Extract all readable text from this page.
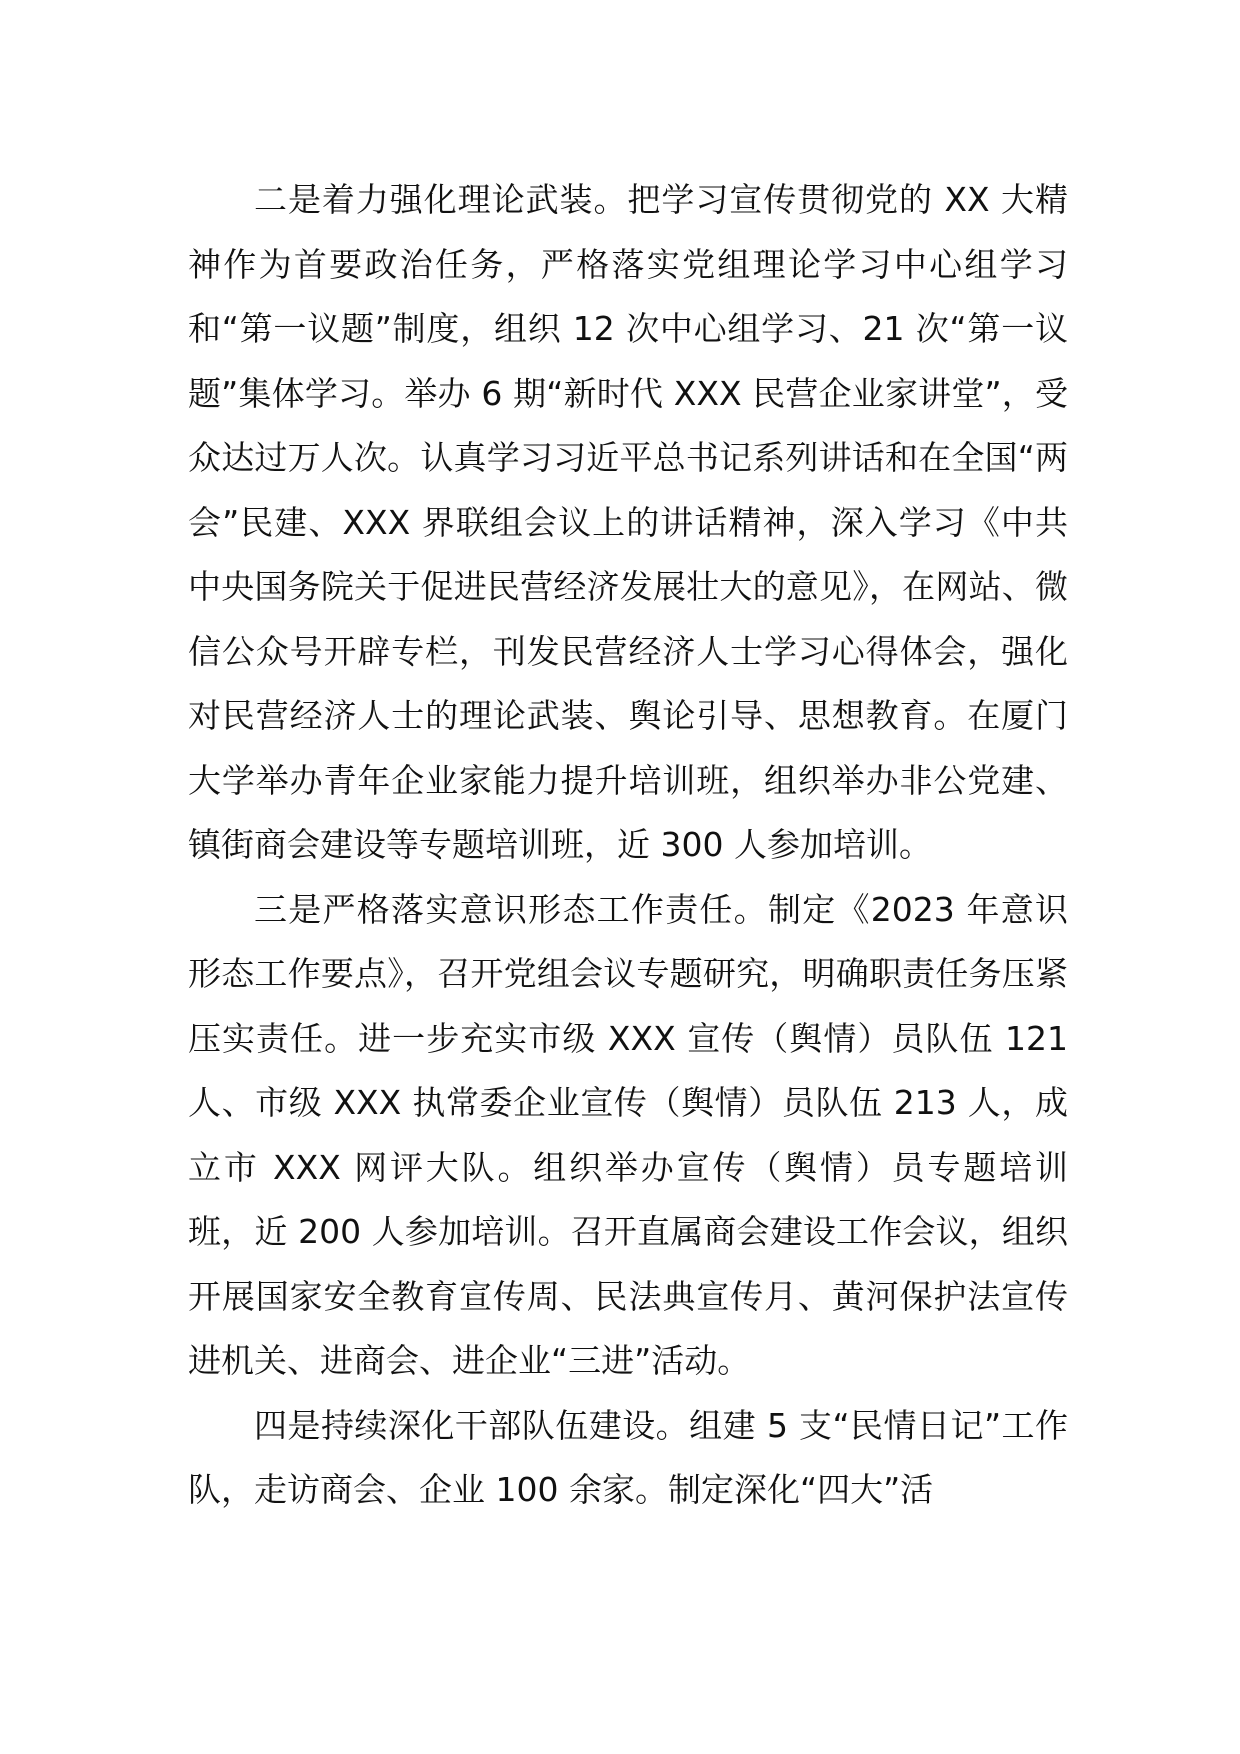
二是着力强化理论武装。把学习宣传贯彻党的 XX 大精神作为首要政治任务，严格落实党组理论学习中心组学习和“第一议题”制度，组织 12 次中心组学习、21 次“第一议题”集体学习。举办 6 期“新时代 XXX 民营企业家讲堂”，受众达过万人次。认真学习习近平总书记系列讲话和在全国“两会”民建、XXX 界联组会议上的讲话精神，深入学习《中共中央国务院关于促进民营经济发展壮大的意见》，在网站、微信公众号开辟专栏，刊发民营经济人士学习心得体会，强化对民营经济人士的理论武装、舆论引导、思想教育。在厦门大学举办青年企业家能力提升培训班，组织举办非公党建、镇街商会建设等专题培训班，近 300 人参加培训。

三是严格落实意识形态工作责任。制定《2023 年意识形态工作要点》，召开党组会议专题研究，明确职责任务压紧压实责任。进一步充实市级 XXX 宣传（舆情）员队伍 121 人、市级 XXX 执常委企业宣传（舆情）员队伍 213 人，成立市 XXX 网评大队。组织举办宣传（舆情）员专题培训班，近 200 人参加培训。召开直属商会建设工作会议，组织开展国家安全教育宣传周、民法典宣传月、黄河保护法宣传进机关、进商会、进企业“三进”活动。

四是持续深化干部队伍建设。组建 5 支“民情日记”工作队，走访商会、企业 100 余家。制定深化“四大”活
